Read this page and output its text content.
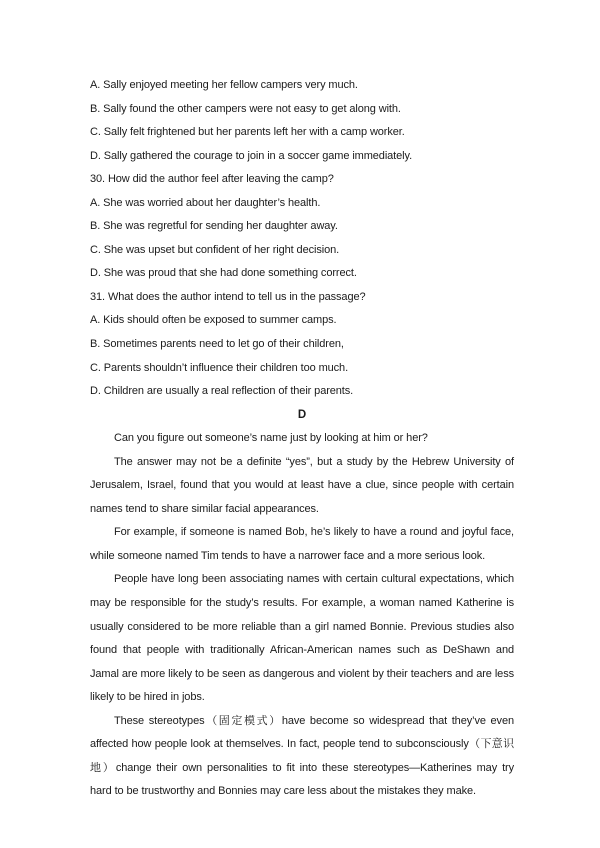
A. Sally enjoyed meeting her fellow campers very much.

B. Sally found the other campers were not easy to get along with.

C. Sally felt frightened but her parents left her with a camp worker.

D. Sally gathered the courage to join in a soccer game immediately.

30. How did the author feel after leaving the camp?

A. She was worried about her daughter’s health.

B. She was regretful for sending her daughter away.

C. She was upset but confident of her right decision.

D. She was proud that she had done something correct.

31. What does the author intend to tell us in the passage?

A. Kids should often be exposed to summer camps.

B. Sometimes parents need to let go of their children,

C. Parents shouldn’t influence their children too much.

D. Children are usually a real reflection of their parents.

D

Can you figure out someone’s name just by looking at him or her?

The answer may not be a definite “yes”, but a study by the Hebrew University of Jerusalem, Israel, found that you would at least have a clue, since people with certain names tend to share similar facial appearances.

For example, if someone is named Bob, he’s likely to have a round and joyful face, while someone named Tim tends to have a narrower face and a more serious look.

People have long been associating names with certain cultural expectations, which may be responsible for the study’s results. For example, a woman named Katherine is usually considered to be more reliable than a girl named Bonnie. Previous studies also found that people with traditionally African-American names such as DeShawn and Jamal are more likely to be seen as dangerous and violent by their teachers and are less likely to be hired in jobs.

These stereotypes（固定模式）have become so widespread that they’ve even affected how people look at themselves. In fact, people tend to subconsciously（下意识地）change their own personalities to fit into these stereotypes—Katherines may try hard to be trustworthy and Bonnies may care less about the mistakes they make.
